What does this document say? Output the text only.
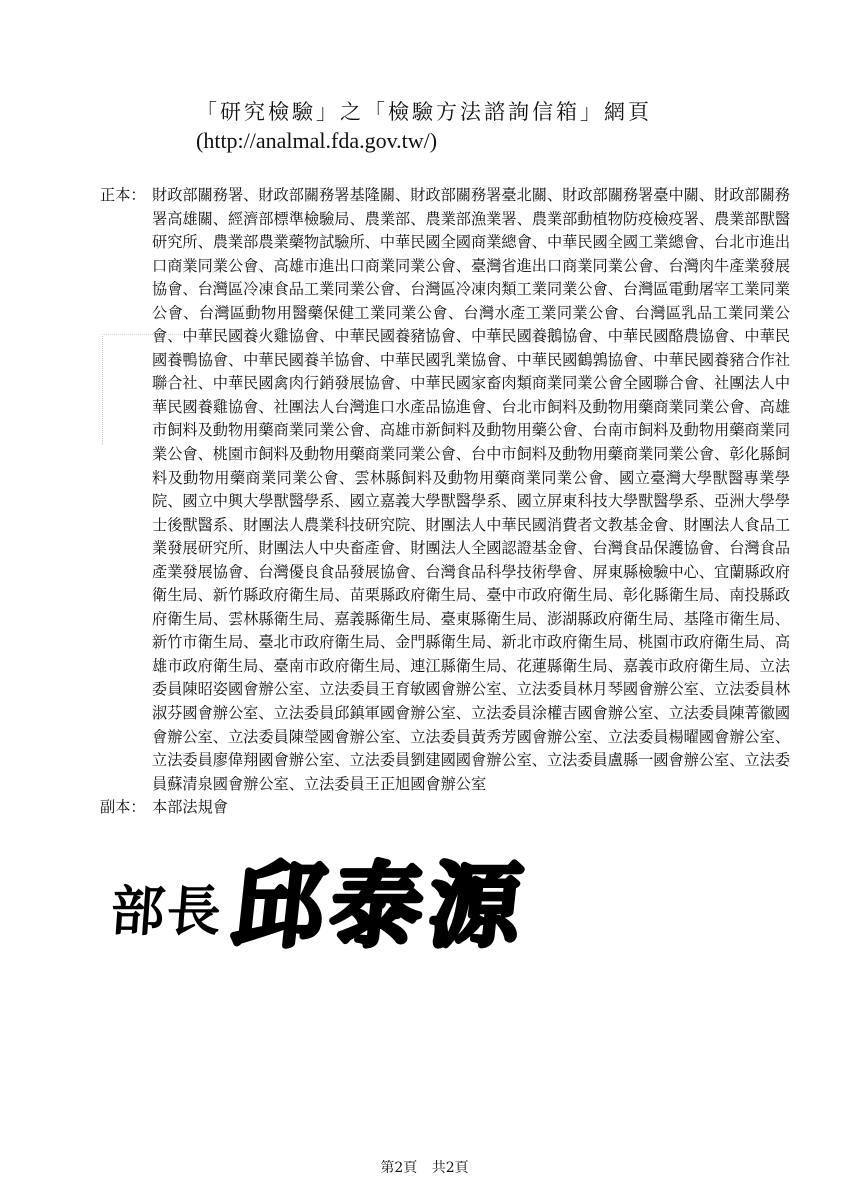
「研究檢驗」之「檢驗方法諮詢信箱」網頁
(http://analmal.fda.gov.tw/)
正本： 財政部關務署、財政部關務署基隆關、財政部關務署臺北關、財政部關務署臺中關、財政部關務署高雄關、經濟部標準檢驗局、農業部、農業部漁業署、農業部動植物防疫檢疫署、農業部獸醫研究所、農業部農業藥物試驗所、中華民國全國商業總會、中華民國全國工業總會、台北市進出口商業同業公會、高雄市進出口商業同業公會、臺灣省進出口商業同業公會、台灣肉牛產業發展協會、台灣區冷凍食品工業同業公會、台灣區冷凍肉類工業同業公會、台灣區電動屠宰工業同業公會、台灣區動物用醫藥保健工業同業公會、台灣水產工業同業公會、台灣區乳品工業同業公會、中華民國養火雞協會、中華民國養豬協會、中華民國養鵝協會、中華民國酪農協會、中華民國養鴨協會、中華民國養羊協會、中華民國乳業協會、中華民國鶴鶉協會、中華民國養豬合作社聯合社、中華民國禽肉行銷發展協會、中華民國家畜肉類商業同業公會全國聯合會、社團法人中華民國養雞協會、社團法人台灣進口水產品協進會、台北市飼料及動物用藥商業同業公會、高雄市飼料及動物用藥商業同業公會、高雄市新飼料及動物用藥公會、台南市飼料及動物用藥商業同業公會、桃園市飼料及動物用藥商業同業公會、台中市飼料及動物用藥商業同業公會、彰化縣飼料及動物用藥商業同業公會、雲林縣飼料及動物用藥商業同業公會、國立臺灣大學獸醫專業學院、國立中興大學獸醫學系、國立嘉義大學獸醫學系、國立屏東科技大學獸醫學系、亞洲大學學士後獸醫系、財團法人農業科技研究院、財團法人中華民國消費者文教基金會、財團法人食品工業發展研究所、財團法人中央畜產會、財團法人全國認證基金會、台灣食品保護協會、台灣食品產業發展協會、台灣優良食品發展協會、台灣食品科學技術學會、屏東縣檢驗中心、宜蘭縣政府衛生局、新竹縣政府衛生局、苗栗縣政府衛生局、臺中市政府衛生局、彰化縣衛生局、南投縣政府衛生局、雲林縣衛生局、嘉義縣衛生局、臺東縣衛生局、澎湖縣政府衛生局、基隆市衛生局、新竹市衛生局、臺北市政府衛生局、金門縣衛生局、新北市政府衛生局、桃園市政府衛生局、高雄市政府衛生局、臺南市政府衛生局、連江縣衛生局、花蓮縣衛生局、嘉義市政府衛生局、立法委員陳昭姿國會辦公室、立法委員王育敏國會辦公室、立法委員林月琴國會辦公室、立法委員林淑芬國會辦公室、立法委員邱鎮軍國會辦公室、立法委員涂權吉國會辦公室、立法委員陳菁徽國會辦公室、立法委員陳瑩國會辦公室、立法委員黃秀芳國會辦公室、立法委員楊曜國會辦公室、立法委員廖偉翔國會辦公室、立法委員劉建國國會辦公室、立法委員盧縣一國會辦公室、立法委員蘇清泉國會辦公室、立法委員王正旭國會辦公室
副本： 本部法規會
部長 邱泰源
第2頁 共2頁
